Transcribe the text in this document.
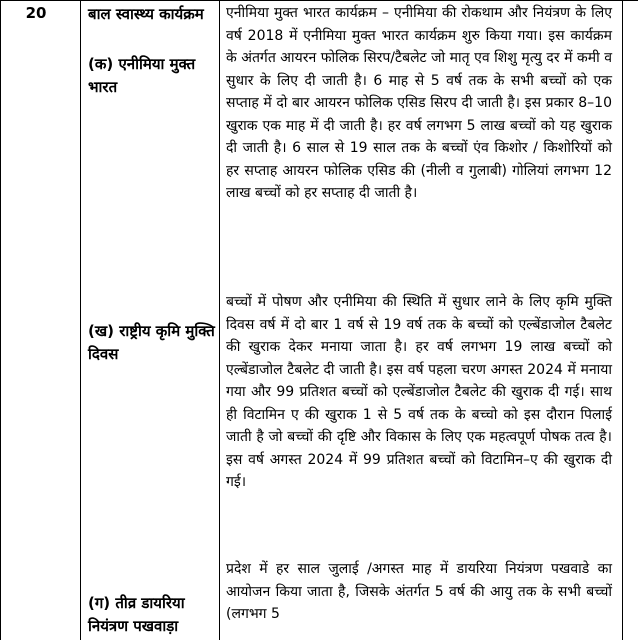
20	बाल स्वास्थ्य कार्यक्रम
(क) एनीमिया मुक्त भारत
(ख) राष्ट्रीय कृमि मुक्ति दिवस
(ग) तीव्र डायरिया नियंत्रण पखवाड़ा

एनीमिया मुक्त भारत कार्यक्रम – एनीमिया की रोकथाम और नियंत्रण के लिए वर्ष 2018 में एनीमिया मुक्त भारत कार्यक्रम शुरु किया गया। इस कार्यक्रम के अंतर्गत आयरन फोलिक सिरप/टैबलेट जो मातृ एव शिशु मृत्यु दर में कमी व सुधार के लिए दी जाती है। 6 माह से 5 वर्ष तक के सभी बच्चों को एक सप्ताह में दो बार आयरन फोलिक एसिड सिरप दी जाती है। इस प्रकार 8–10 खुराक एक माह में दी जाती है। हर वर्ष लगभग 5 लाख बच्चों को यह खुराक दी जाती है। 6 साल से 19 साल तक के बच्चों एंव किशोर / किशोरियों को हर सप्ताह आयरन फोलिक एसिड की (नीली व गुलाबी) गोलियां लगभग 12 लाख बच्चों को हर सप्ताह दी जाती है।

बच्चों में पोषण और एनीमिया की स्थिति में सुधार लाने के लिए कृमि मुक्ति दिवस वर्ष में दो बार 1 वर्ष से 19 वर्ष तक के बच्चों को एल्बेंडाजोल टैबलेट की खुराक देकर मनाया जाता है। हर वर्ष लगभग 19 लाख बच्चों को एल्बेंडाजोल टैबलेट दी जाती है। इस वर्ष पहला चरण अगस्त 2024 में मनाया गया और 99 प्रतिशत बच्चों को एल्बेंडाजोल टैबलेट की खुराक दी गई। साथ ही विटामिन ए की खुराक 1 से 5 वर्ष तक के बच्चो को इस दौरान पिलाई जाती है जो बच्चों की दृष्टि और विकास के लिए एक महत्वपूर्ण पोषक तत्व है। इस वर्ष अगस्त 2024 में 99 प्रतिशत बच्चों को विटामिन–ए की खुराक दी गई।

प्रदेश में हर साल जुलाई /अगस्त माह में डायरिया नियंत्रण पखवाडे का आयोजन किया जाता है, जिसके अंतर्गत 5 वर्ष की आयु तक के सभी बच्चों (लगभग 5
